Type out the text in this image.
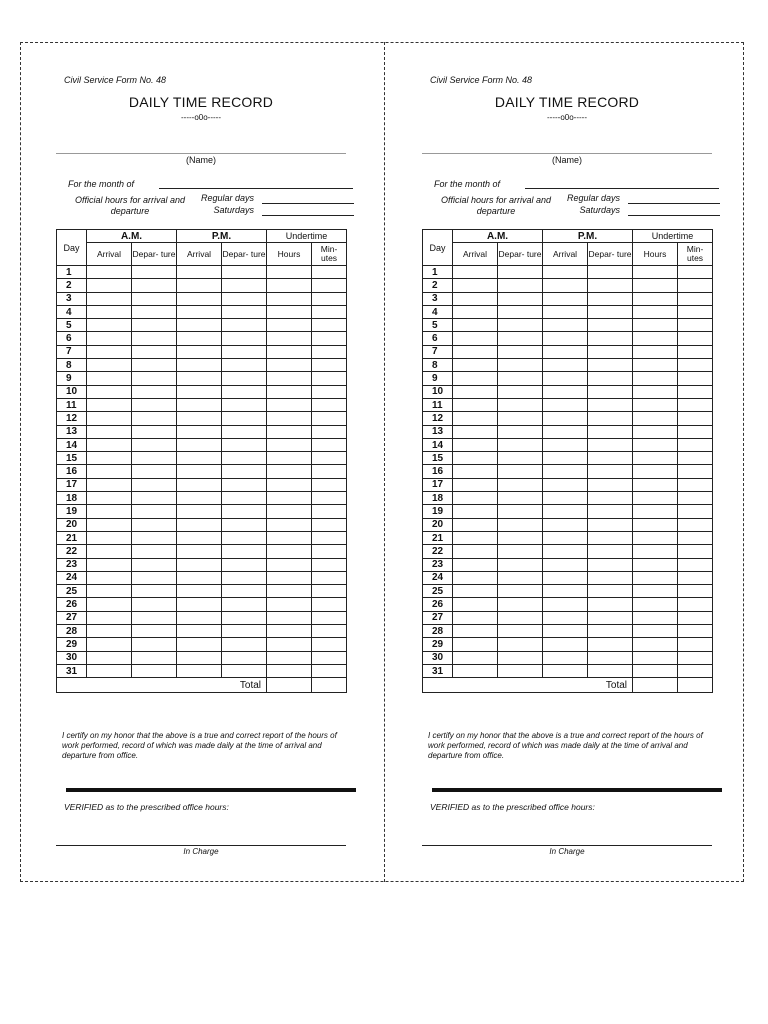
Civil Service Form No. 48
DAILY TIME RECORD
-----o0o-----
(Name)
For the month of
Official hours for arrival and departure
Regular days
Saturdays
Day	A.M.		P.M.		Undertime	
	Arrival	Depar- ture	Arrival	Depar- ture	Hours	Min- utes
1						
2						
3						
4						
5						
6						
7						
8						
9						
10						
11						
12						
13						
14						
15						
16						
17						
18						
19						
20						
21						
22						
23						
24						
25						
26						
27						
28						
29						
30						
31						
Total						
I certify on my honor that the above is a true and correct report of the hours of work performed, record of which was made daily at the time of arrival and departure from office.
VERIFIED as to the prescribed office hours:
In Charge
Civil Service Form No. 48
DAILY TIME RECORD
-----o0o-----
(Name)
For the month of
Official hours for arrival and departure
Regular days
Saturdays
Day	A.M.		P.M.		Undertime	
	Arrival	Depar- ture	Arrival	Depar- ture	Hours	Min- utes
1						
2						
3						
4						
5						
6						
7						
8						
9						
10						
11						
12						
13						
14						
15						
16						
17						
18						
19						
20						
21						
22						
23						
24						
25						
26						
27						
28						
29						
30						
31						
Total						
I certify on my honor that the above is a true and correct report of the hours of work performed, record of which was made daily at the time of arrival and departure from office.
VERIFIED as to the prescribed office hours:
In Charge
